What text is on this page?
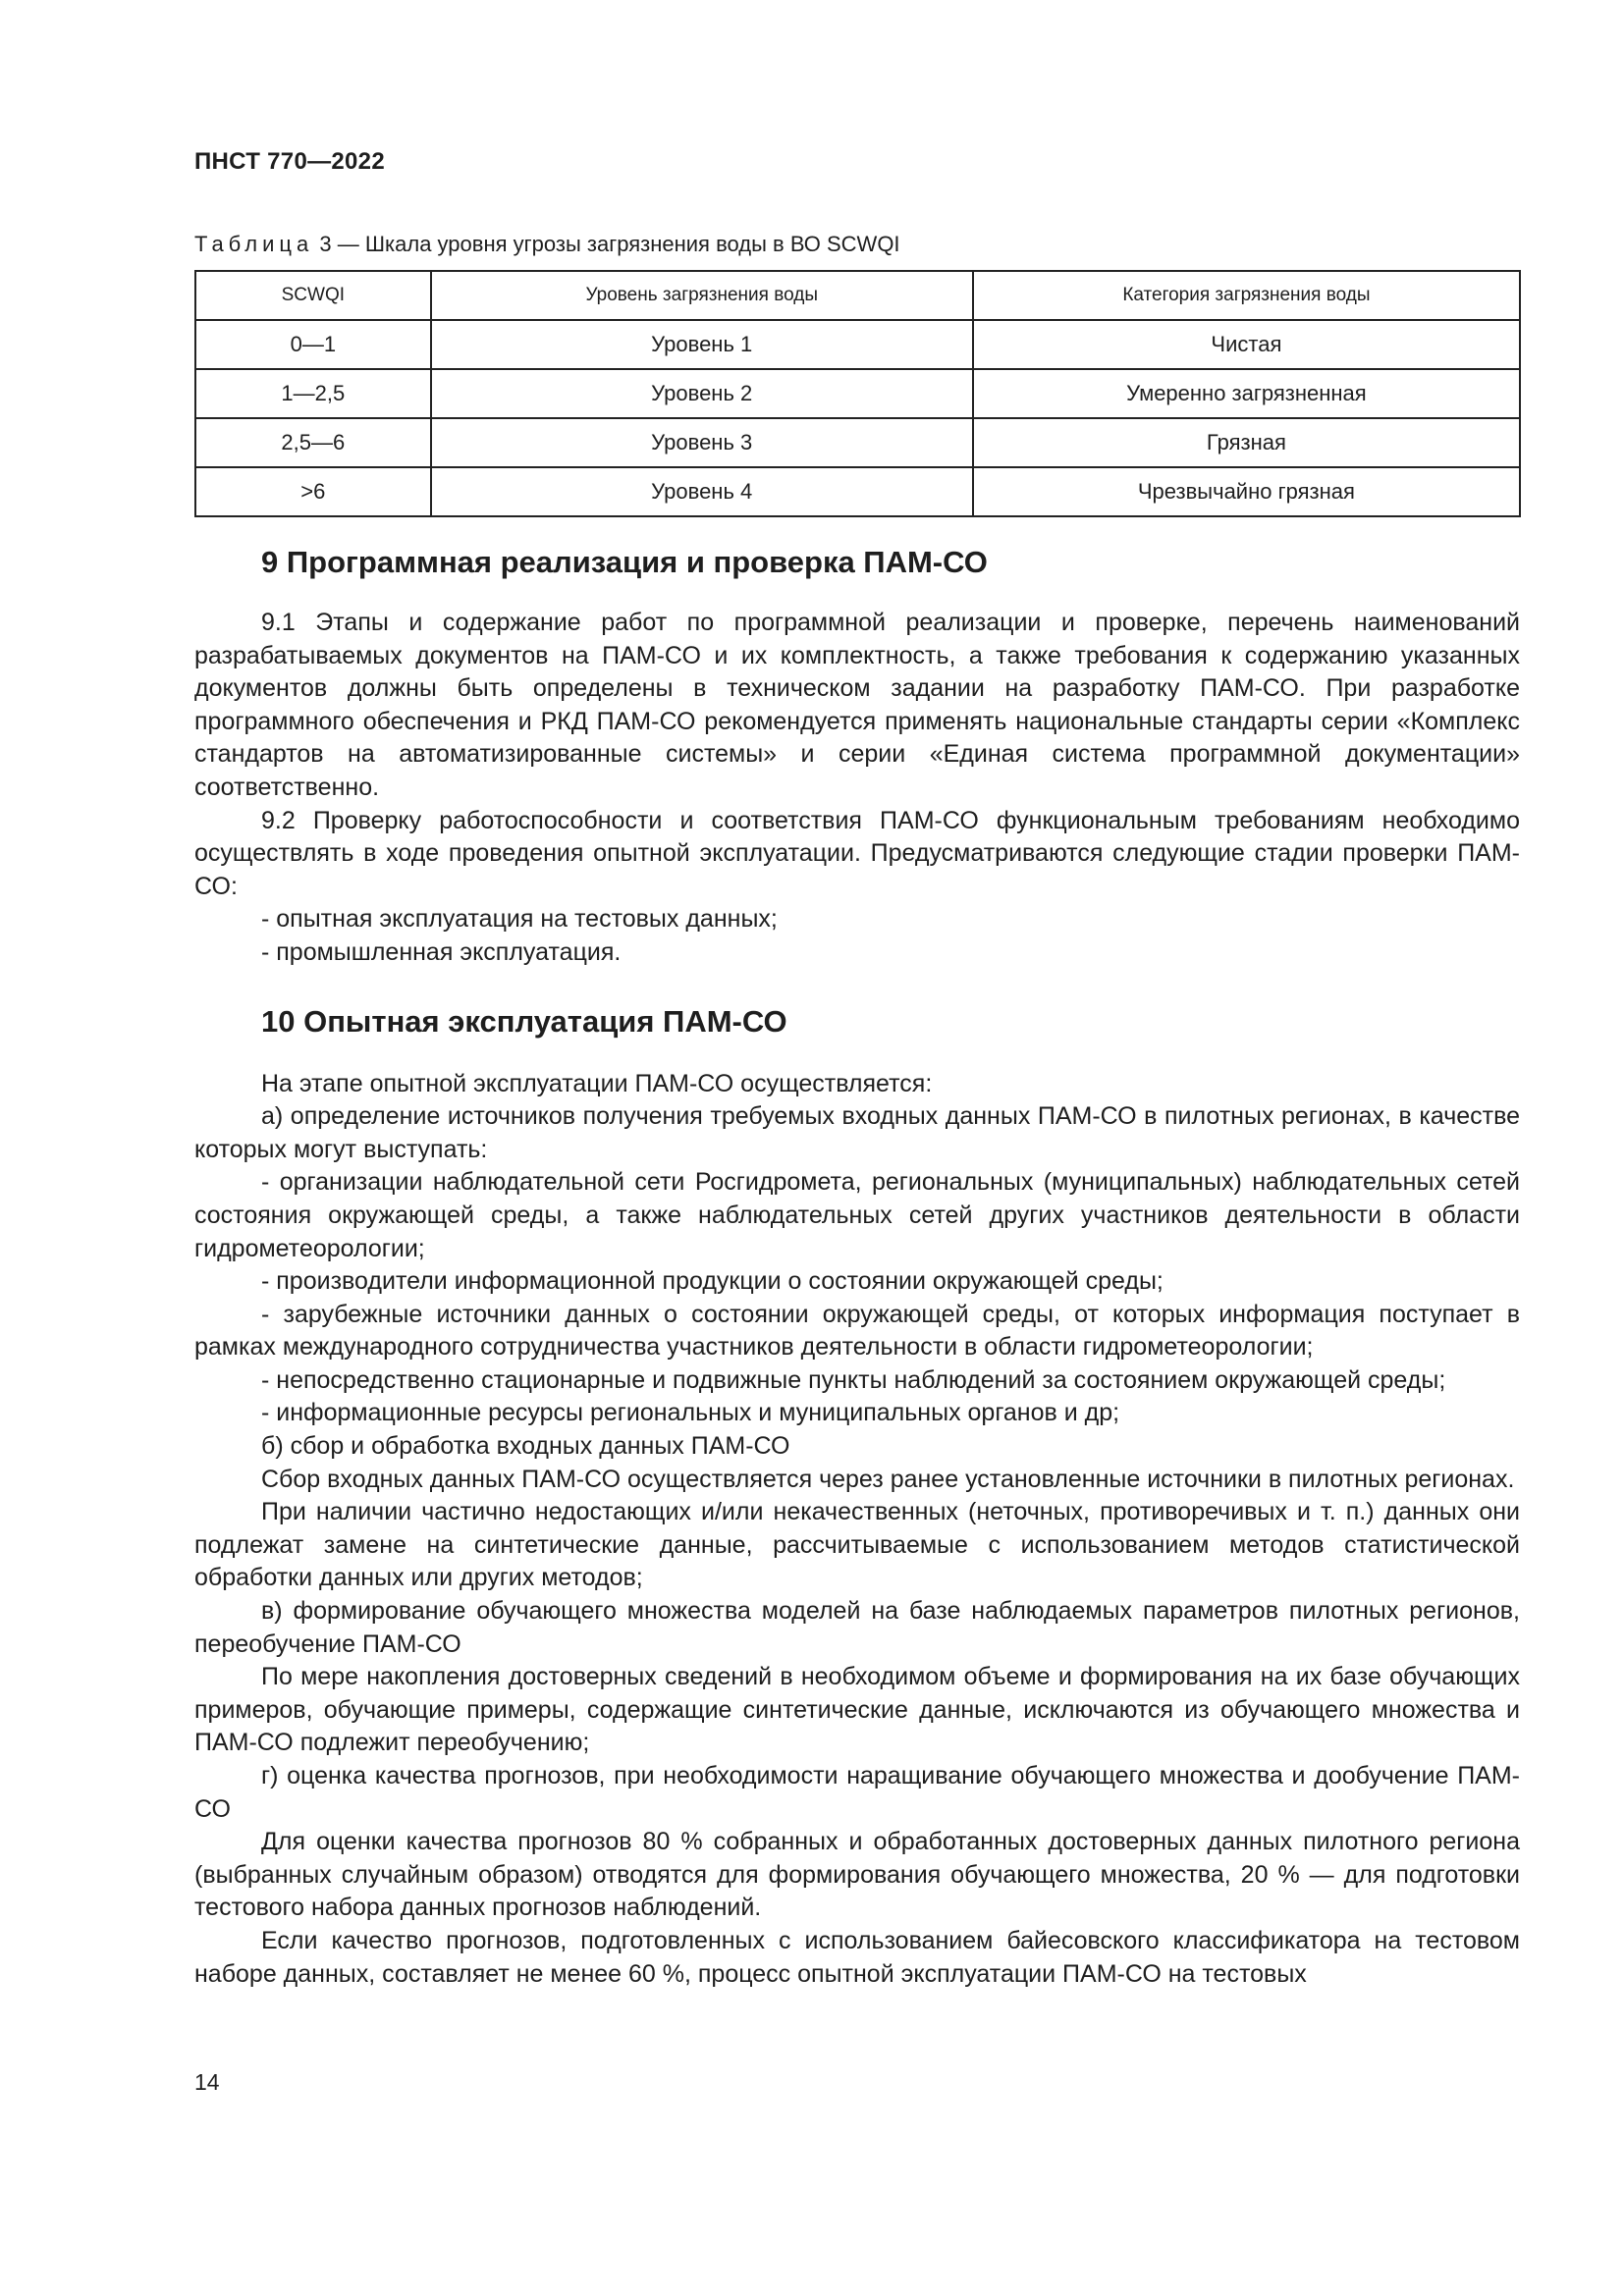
ПНСТ 770—2022
Таблица 3 — Шкала уровня угрозы загрязнения воды в ВО SCWQI
SCWQI	Уровень загрязнения воды	Категория загрязнения воды
0—1	Уровень 1	Чистая
1—2,5	Уровень 2	Умеренно загрязненная
2,5—6	Уровень 3	Грязная
>6	Уровень 4	Чрезвычайно грязная
9 Программная реализация и проверка ПАМ-СО

9.1 Этапы и содержание работ по программной реализации и проверке, перечень наименований разрабатываемых документов на ПАМ-СО и их комплектность, а также требования к содержанию указанных документов должны быть определены в техническом задании на разработку ПАМ-СО. При разработке программного обеспечения и РКД ПАМ-СО рекомендуется применять национальные стандарты серии «Комплекс стандартов на автоматизированные системы» и серии «Единая система программной документации» соответственно.

9.2 Проверку работоспособности и соответствия ПАМ-СО функциональным требованиям необходимо осуществлять в ходе проведения опытной эксплуатации. Предусматриваются следующие стадии проверки ПАМ-СО:

- опытная эксплуатация на тестовых данных;

- промышленная эксплуатация.

10 Опытная эксплуатация ПАМ-СО

На этапе опытной эксплуатации ПАМ-СО осуществляется:

а) определение источников получения требуемых входных данных ПАМ-СО в пилотных регионах, в качестве которых могут выступать:

- организации наблюдательной сети Росгидромета, региональных (муниципальных) наблюдательных сетей состояния окружающей среды, а также наблюдательных сетей других участников деятельности в области гидрометеорологии;

- производители информационной продукции о состоянии окружающей среды;

- зарубежные источники данных о состоянии окружающей среды, от которых информация поступает в рамках международного сотрудничества участников деятельности в области гидрометеорологии;

- непосредственно стационарные и подвижные пункты наблюдений за состоянием окружающей среды;

- информационные ресурсы региональных и муниципальных органов и др;

б) сбор и обработка входных данных ПАМ-СО

Сбор входных данных ПАМ-СО осуществляется через ранее установленные источники в пилотных регионах.

При наличии частично недостающих и/или некачественных (неточных, противоречивых и т. п.) данных они подлежат замене на синтетические данные, рассчитываемые с использованием методов статистической обработки данных или других методов;

в) формирование обучающего множества моделей на базе наблюдаемых параметров пилотных регионов, переобучение ПАМ-СО

По мере накопления достоверных сведений в необходимом объеме и формирования на их базе обучающих примеров, обучающие примеры, содержащие синтетические данные, исключаются из обучающего множества и ПАМ-СО подлежит переобучению;

г) оценка качества прогнозов, при необходимости наращивание обучающего множества и дообучение ПАМ-СО

Для оценки качества прогнозов 80 % собранных и обработанных достоверных данных пилотного региона (выбранных случайным образом) отводятся для формирования обучающего множества, 20 % — для подготовки тестового набора данных прогнозов наблюдений.

Если качество прогнозов, подготовленных с использованием байесовского классификатора на тестовом наборе данных, составляет не менее 60 %, процесс опытной эксплуатации ПАМ-СО на тестовых

14
